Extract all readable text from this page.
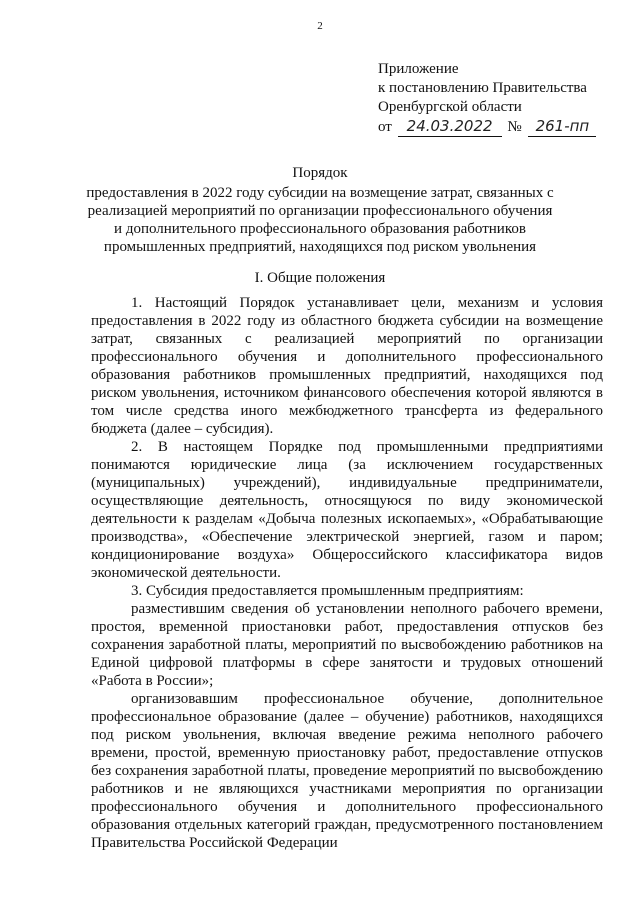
2
Приложение
к постановлению Правительства
Оренбургской области
от 24.03.2022 № 261-пп
Порядок
предоставления в 2022 году субсидии на возмещение затрат, связанных с
реализацией мероприятий по организации профессионального обучения
и дополнительного профессионального образования работников
промышленных предприятий, находящихся под риском увольнения
I. Общие положения

1. Настоящий Порядок устанавливает цели, механизм и условия предоставления в 2022 году из областного бюджета субсидии на возмещение затрат, связанных с реализацией мероприятий по организации профессионального обучения и дополнительного профессионального образования работников промышленных предприятий, находящихся под риском увольнения, источником финансового обеспечения которой являются в том числе средства иного межбюджетного трансферта из федерального бюджета (далее – субсидия).

2. В настоящем Порядке под промышленными предприятиями понимаются юридические лица (за исключением государственных (муниципальных) учреждений), индивидуальные предприниматели, осуществляющие деятельность, относящуюся по виду экономической деятельности к разделам «Добыча полезных ископаемых», «Обрабатывающие производства», «Обеспечение электрической энергией, газом и паром; кондиционирование воздуха» Общероссийского классификатора видов экономической деятельности.

3. Субсидия предоставляется промышленным предприятиям:

разместившим сведения об установлении неполного рабочего времени, простоя, временной приостановки работ, предоставления отпусков без сохранения заработной платы, мероприятий по высвобождению работников на Единой цифровой платформы в сфере занятости и трудовых отношений «Работа в России»;

организовавшим профессиональное обучение, дополнительное профессиональное образование (далее – обучение) работников, находящихся под риском увольнения, включая введение режима неполного рабочего времени, простой, временную приостановку работ, предоставление отпусков без сохранения заработной платы, проведение мероприятий по высвобождению работников и не являющихся участниками мероприятия по организации профессионального обучения и дополнительного профессионального образования отдельных категорий граждан, предусмотренного постановлением Правительства Российской Федерации
